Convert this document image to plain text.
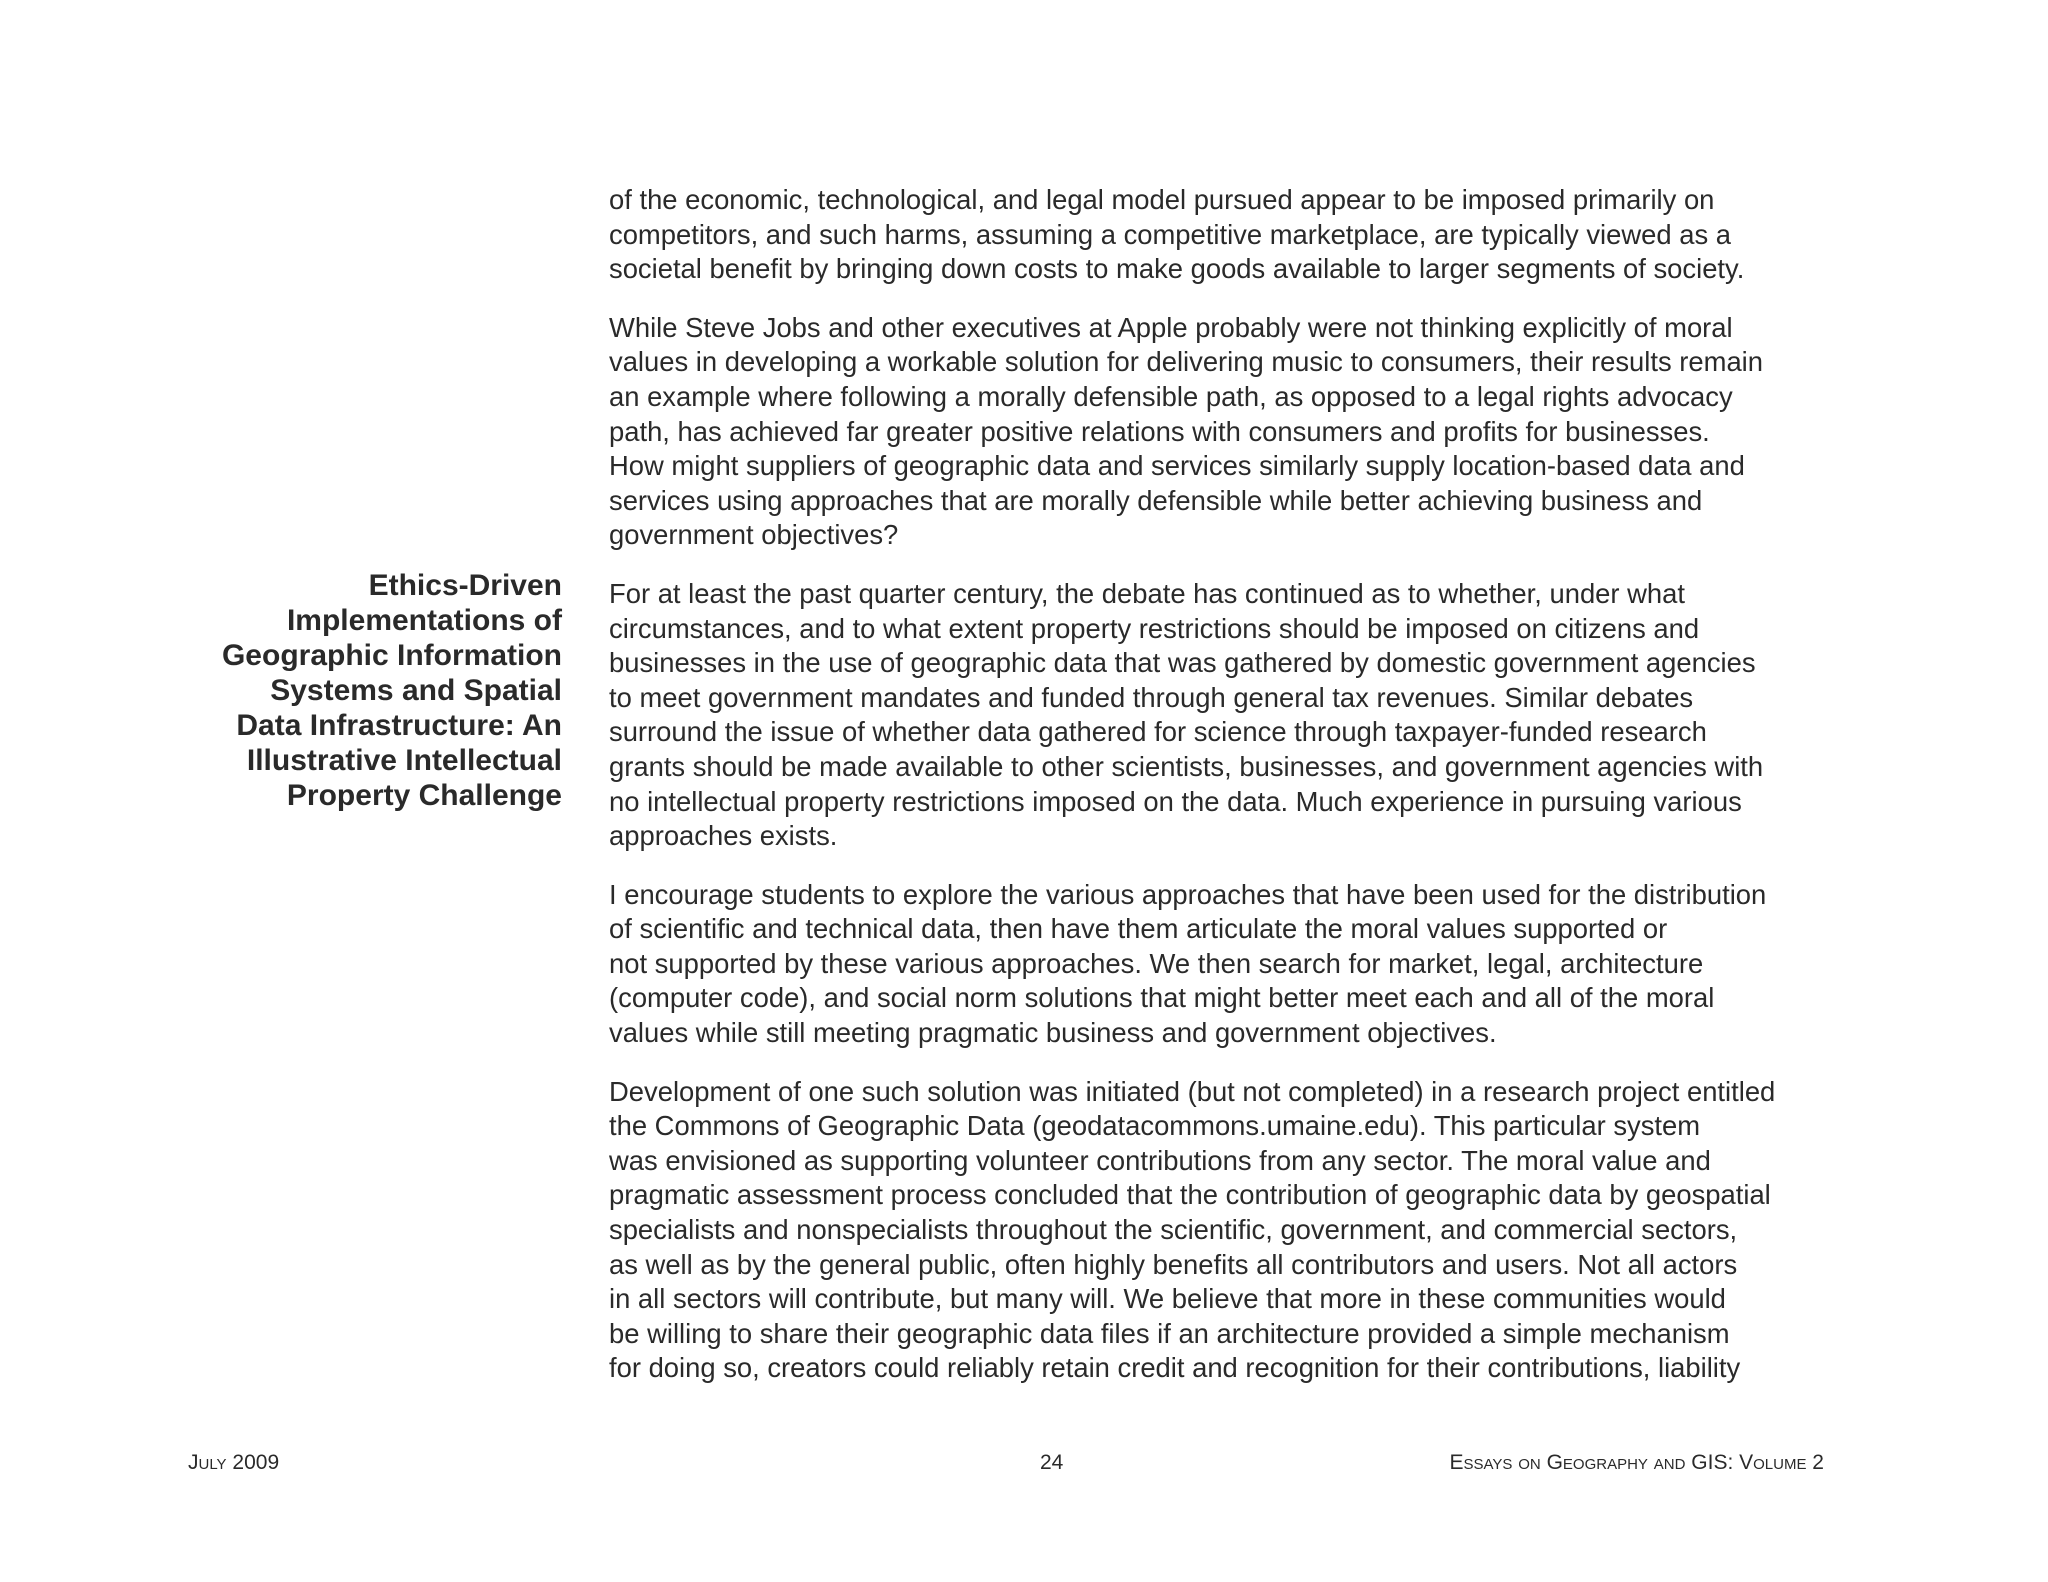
Ethics-Driven
Implementations of
Geographic Information
Systems and Spatial
Data Infrastructure: An
Illustrative Intellectual
Property Challenge

of the economic, technological, and legal model pursued appear to be imposed primarily on
competitors, and such harms, assuming a competitive marketplace, are typically viewed as a
societal benefit by bringing down costs to make goods available to larger segments of society.

While Steve Jobs and other executives at Apple probably were not thinking explicitly of moral
values in developing a workable solution for delivering music to consumers, their results remain
an example where following a morally defensible path, as opposed to a legal rights advocacy
path, has achieved far greater positive relations with consumers and profits for businesses.
How might suppliers of geographic data and services similarly supply location-based data and
services using approaches that are morally defensible while better achieving business and
government objectives?

For at least the past quarter century, the debate has continued as to whether, under what
circumstances, and to what extent property restrictions should be imposed on citizens and
businesses in the use of geographic data that was gathered by domestic government agencies
to meet government mandates and funded through general tax revenues. Similar debates
surround the issue of whether data gathered for science through taxpayer-funded research
grants should be made available to other scientists, businesses, and government agencies with
no intellectual property restrictions imposed on the data. Much experience in pursuing various
approaches exists.

I encourage students to explore the various approaches that have been used for the distribution
of scientific and technical data, then have them articulate the moral values supported or
not supported by these various approaches. We then search for market, legal, architecture
(computer code), and social norm solutions that might better meet each and all of the moral
values while still meeting pragmatic business and government objectives.

Development of one such solution was initiated (but not completed) in a research project entitled
the Commons of Geographic Data (geodatacommons.umaine.edu). This particular system
was envisioned as supporting volunteer contributions from any sector. The moral value and
pragmatic assessment process concluded that the contribution of geographic data by geospatial
specialists and nonspecialists throughout the scientific, government, and commercial sectors,
as well as by the general public, often highly benefits all contributors and users. Not all actors
in all sectors will contribute, but many will. We believe that more in these communities would
be willing to share their geographic data files if an architecture provided a simple mechanism
for doing so, creators could reliably retain credit and recognition for their contributions, liability

July 2009	24	Essays on Geography and GIS: Volume 2
